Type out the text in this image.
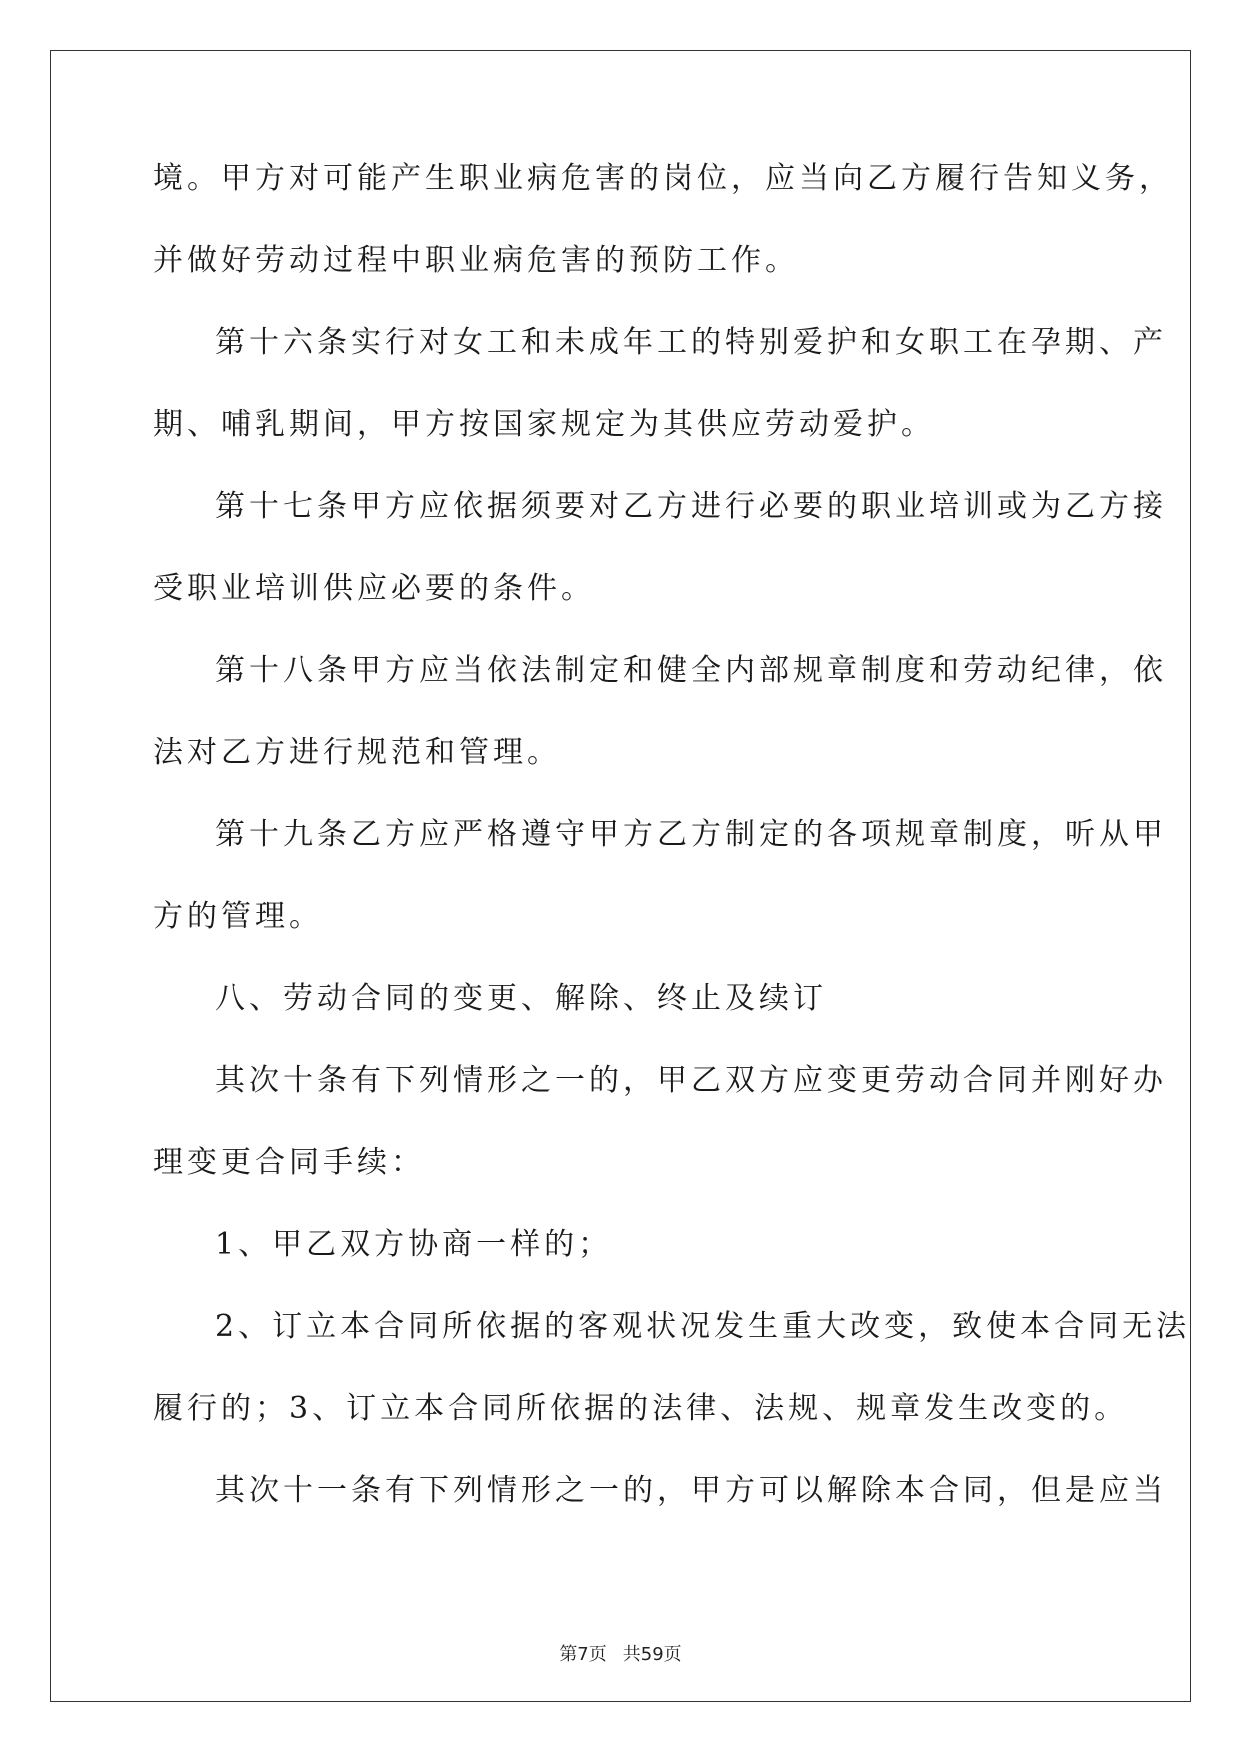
境。甲方对可能产生职业病危害的岗位，应当向乙方履行告知义务，
并做好劳动过程中职业病危害的预防工作。
第十六条实行对女工和未成年工的特别爱护和女职工在孕期、产
期、哺乳期间，甲方按国家规定为其供应劳动爱护。
第十七条甲方应依据须要对乙方进行必要的职业培训或为乙方接
受职业培训供应必要的条件。
第十八条甲方应当依法制定和健全内部规章制度和劳动纪律，依
法对乙方进行规范和管理。
第十九条乙方应严格遵守甲方乙方制定的各项规章制度，听从甲
方的管理。
八、劳动合同的变更、解除、终止及续订
其次十条有下列情形之一的，甲乙双方应变更劳动合同并刚好办
理变更合同手续：
1、甲乙双方协商一样的；
2、订立本合同所依据的客观状况发生重大改变，致使本合同无法
履行的；3、订立本合同所依据的法律、法规、规章发生改变的。
其次十一条有下列情形之一的，甲方可以解除本合同，但是应当
第7页 共59页
